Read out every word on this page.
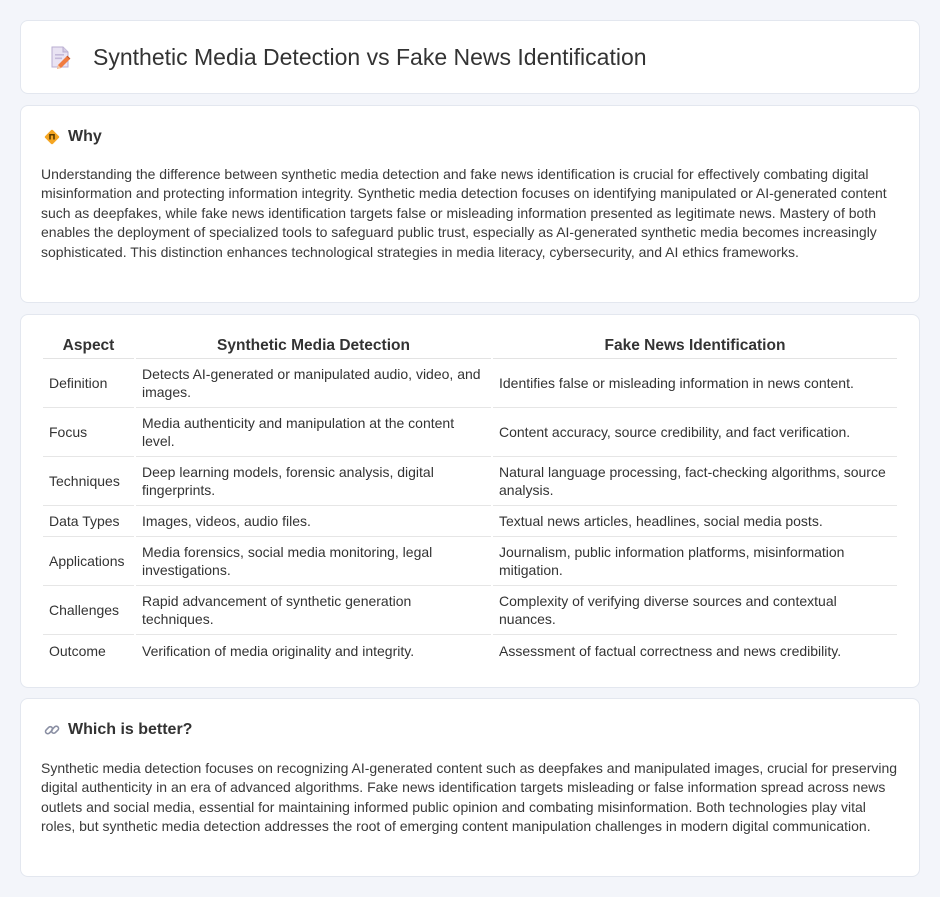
Synthetic Media Detection vs Fake News Identification
Why

Understanding the difference between synthetic media detection and fake news identification is crucial for effectively combating digital misinformation and protecting information integrity. Synthetic media detection focuses on identifying manipulated or AI-generated content such as deepfakes, while fake news identification targets false or misleading information presented as legitimate news. Mastery of both enables the deployment of specialized tools to safeguard public trust, especially as AI-generated synthetic media becomes increasingly sophisticated. This distinction enhances technological strategies in media literacy, cybersecurity, and AI ethics frameworks.

Aspect	Synthetic Media Detection	Fake News Identification
Definition	Detects AI-generated or manipulated audio, video, and images.	Identifies false or misleading information in news content.
Focus	Media authenticity and manipulation at the content level.	Content accuracy, source credibility, and fact verification.
Techniques	Deep learning models, forensic analysis, digital fingerprints.	Natural language processing, fact-checking algorithms, source analysis.
Data Types	Images, videos, audio files.	Textual news articles, headlines, social media posts.
Applications	Media forensics, social media monitoring, legal investigations.	Journalism, public information platforms, misinformation mitigation.
Challenges	Rapid advancement of synthetic generation techniques.	Complexity of verifying diverse sources and contextual nuances.
Outcome	Verification of media originality and integrity.	Assessment of factual correctness and news credibility.
Which is better?

Synthetic media detection focuses on recognizing AI-generated content such as deepfakes and manipulated images, crucial for preserving digital authenticity in an era of advanced algorithms. Fake news identification targets misleading or false information spread across news outlets and social media, essential for maintaining informed public opinion and combating misinformation. Both technologies play vital roles, but synthetic media detection addresses the root of emerging content manipulation challenges in modern digital communication.
